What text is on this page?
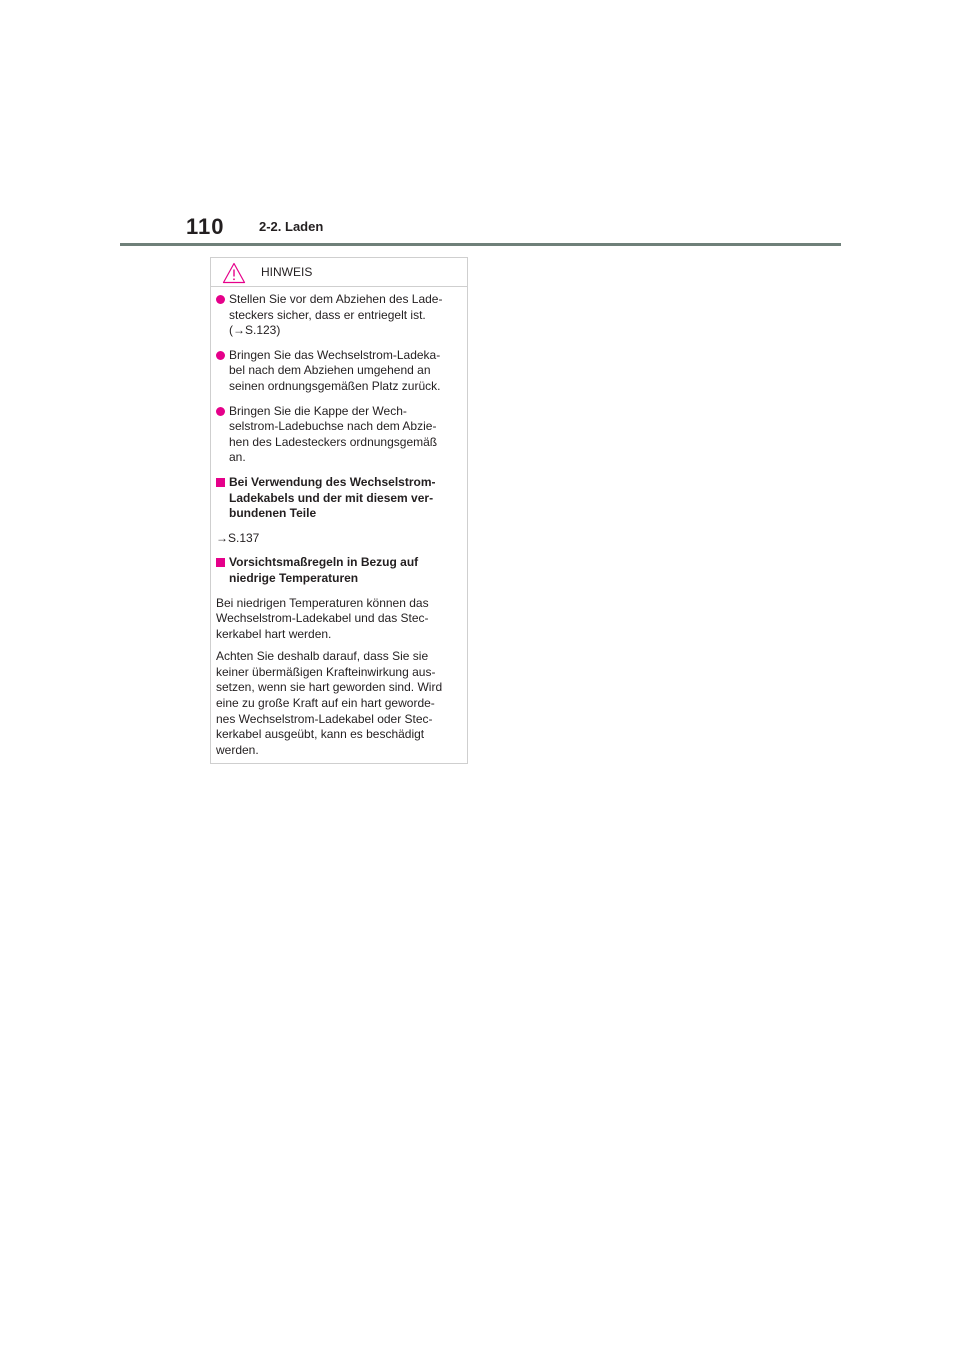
110	2-2. Laden
HINWEIS
Stellen Sie vor dem Abziehen des Lade-
steckers sicher, dass er entriegelt ist.
(→S.123)
Bringen Sie das Wechselstrom-Ladeka-
bel nach dem Abziehen umgehend an
seinen ordnungsgemäßen Platz zurück.
Bringen Sie die Kappe der Wech-
selstrom-Ladebuchse nach dem Abzie-
hen des Ladesteckers ordnungsgemäß
an.
Bei Verwendung des Wechselstrom-
Ladekabels und der mit diesem ver-
bundenen Teile
→S.137
Vorsichtsmaßregeln in Bezug auf
niedrige Temperaturen
Bei niedrigen Temperaturen können das
Wechselstrom-Ladekabel und das Stec-
kerkabel hart werden.
Achten Sie deshalb darauf, dass Sie sie
keiner übermäßigen Krafteinwirkung aus-
setzen, wenn sie hart geworden sind. Wird
eine zu große Kraft auf ein hart geworde-
nes Wechselstrom-Ladekabel oder Stec-
kerkabel ausgeübt, kann es beschädigt
werden.
